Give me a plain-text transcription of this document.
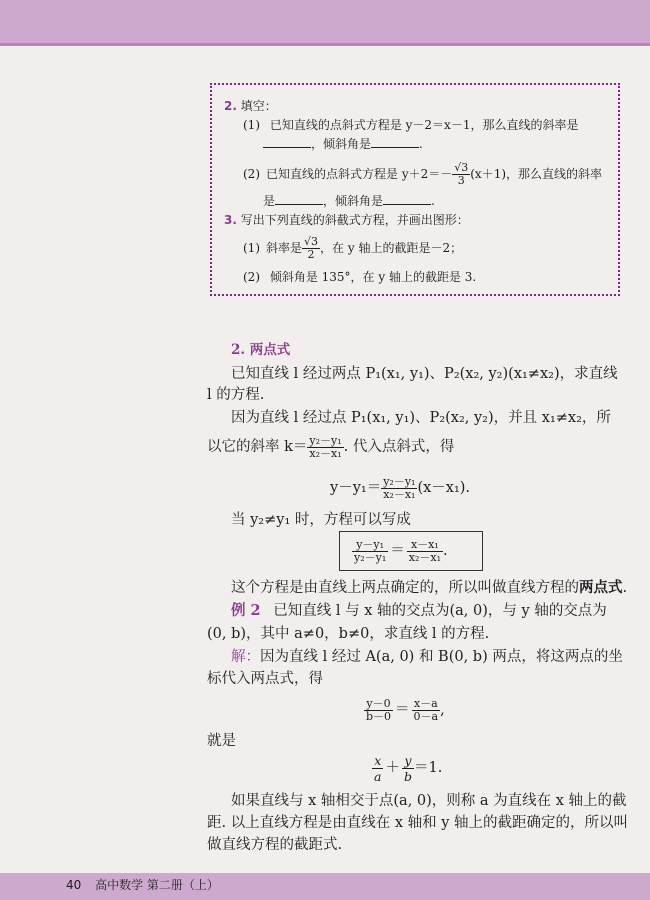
2. 填空：
(1) 已知直线的点斜式方程是 y－2＝x－1，那么直线的斜率是
，倾斜角是	.
(2) 已知直线的点斜式方程是 $y+2=- \frac{√3}{3} (x+1)$，那么直线的斜率
是	，倾斜角是	.
3. 写出下列直线的斜截式方程，并画出图形：
(1) 斜率是 $\frac{√3}{2}$ ，在 y 轴上的截距是－2；
(2) 倾斜角是 135°，在 y 轴上的截距是 3.
2. 两点式
已知直线 l 经过两点 P₁(x₁, y₁)、P₂(x₂, y₂)(x₁≠x₂)，求直线
l 的方程.
因为直线 l 经过点 P₁(x₁, y₁)、P₂(x₂, y₂)，并且 x₁≠x₂，所
以它的斜率 $k= \frac{\text{y₂－y₁}}{\text{x₂－x₁}}$ . 代入点斜式，得
$y-y_1= \frac{\text{y₂－y₁}}{\text{x₂－x₁}} (x-x_1)$.
当 y₂≠y₁ 时，方程可以写成
$\frac{\text{y－y₁}}{\text{y₂－y₁}} = \frac{\text{x－x₁}}{\text{x₂－x₁}}$ .
这个方程是由直线上两点确定的，所以叫做直线方程的两点式.
例 2 已知直线 l 与 x 轴的交点为(a, 0)，与 y 轴的交点为
(0, b)，其中 a≠0，b≠0，求直线 l 的方程.
解：因为直线 l 经过 A(a, 0) 和 B(0, b) 两点，将这两点的坐
标代入两点式，得
$\frac{y-0}{b-0} = \frac{x-a}{0-a}$ ,
就是
$\frac{x}{a} + \frac{y}{b} =1$.
如果直线与 x 轴相交于点(a, 0)，则称 a 为直线在 x 轴上的截
距. 以上直线方程是由直线在 x 轴和 y 轴上的截距确定的，所以叫
做直线方程的截距式.
40 高中数学 第二册（上）
